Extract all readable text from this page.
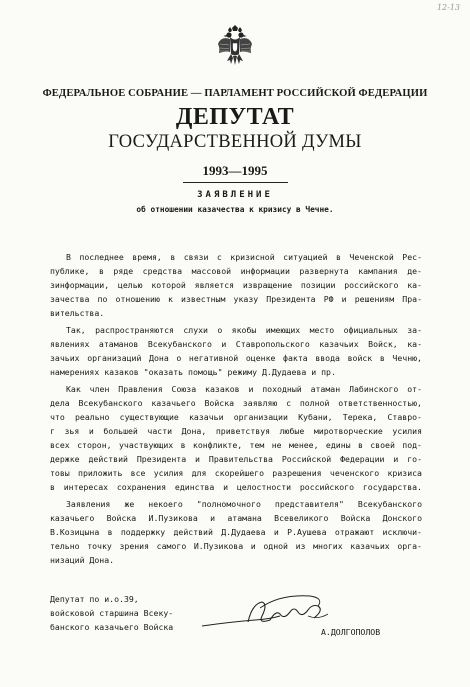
12-13
ФЕДЕРАЛЬНОЕ СОБРАНИЕ — ПАРЛАМЕНТ РОССИЙСКОЙ ФЕДЕРАЦИИ
ДЕПУТАТ
ГОСУДАРСТВЕННОЙ ДУМЫ
1993—1995
ЗАЯВЛЕНИЕ
об отношении казачества к кризису в Чечне.
В последнее время, в связи с кризисной ситуацией в Чеченской Рес-
публике, в ряде средства массовой информации развернута кампания де-
зинформации, целью которой является извращение позиции российского ка-
зачества по отношению к известным указу Президента РФ и решениям Пра-
вительства.
Так, распространяются слухи о якобы имеющих место официальных за-
явлениях атаманов Всекубанского и Ставропольского казачьих Войск, ка-
зачьих организаций Дона о негативной оценке факта ввода войск в Чечню,
намерениях казаков "оказать помощь" режиму Д.Дудаева и пр.
Как член Правления Союза казаков и походный атаман Лабинского от-
дела Всекубанского казачьего Войска заявляю с полной ответственностью,
что реально существующие казачьи организации Кубани, Терека, Ставро-
г зья и большей части Дона, приветствуя любые миротворческие усилия
всех сторон, участвующих в конфликте, тем не менее, едины в своей под-
держке действий Президента и Правительства Российской Федерации и го-
товы приложить все усилия для скорейшего разрешения чеченского кризиса
в интересах сохранения единства и целостности российского государства.
Заявления же некоего "полномочного представителя" Всекубанского
казачьего Войска И.Пузикова и атамана Всевеликого Войска Донского
В.Козицына в поддержку действий Д.Дудаева и Р.Аушева отражают исключи-
тельно точку зрения самого И.Пузикова и одной из многих казачьих орга-
низаций Дона.
Депутат по и.о.39,
войсковой старшина Всеку-
банского казачьего Войска	А.ДОЛГОПОЛОВ
